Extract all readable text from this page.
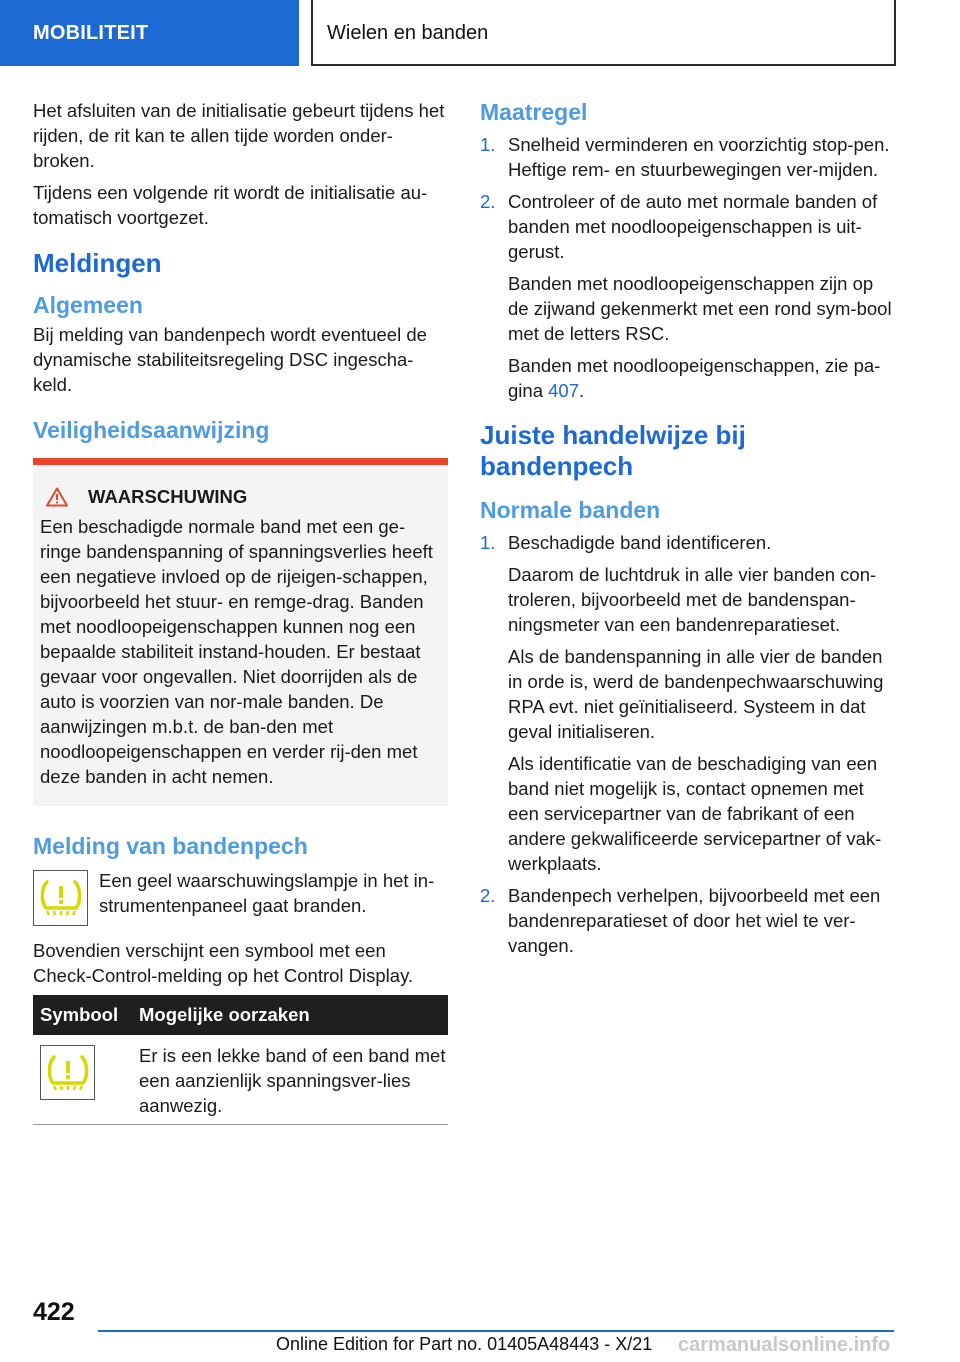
MOBILITEIT	Wielen en banden

Het afsluiten van de initialisatie gebeurt tijdens het rijden, de rit kan te allen tijde worden onder-broken.

Tijdens een volgende rit wordt de initialisatie au-tomatisch voortgezet.

Meldingen
Algemeen

Bij melding van bandenpech wordt eventueel de dynamische stabiliteitsregeling DSC ingescha-keld.

Veiligheidsaanwijzing
WAARSCHUWING

Een beschadigde normale band met een ge-ringe bandenspanning of spanningsverlies heeft een negatieve invloed op de rijeigen-schappen, bijvoorbeeld het stuur- en remge-drag. Banden met noodloopeigenschappen kunnen nog een bepaalde stabiliteit instand-houden. Er bestaat gevaar voor ongevallen. Niet doorrijden als de auto is voorzien van nor-male banden. De aanwijzingen m.b.t. de ban-den met noodloopeigenschappen en verder rij-den met deze banden in acht nemen.

Melding van bandenpech

Een geel waarschuwingslampje in het in-strumentenpaneel gaat branden.

Bovendien verschijnt een symbool met een Check-Control-melding op het Control Display.

Symbool	Mogelijke oorzaken

	Er is een lekke band of een band met een aanzienlijk spanningsver-lies aanwezig.
Maatregel
1. Snelheid verminderen en voorzichtig stop-pen. Heftige rem- en stuurbewegingen ver-mijden.

2. Controleer of de auto met normale banden of banden met noodloopeigenschappen is uit-gerust.

Banden met noodloopeigenschappen zijn op de zijwand gekenmerkt met een rond sym-bool met de letters RSC.

Banden met noodloopeigenschappen, zie pa-gina 407.

Juiste handelwijze bij bandenpech
Normale banden
1. Beschadigde band identificeren.

Daarom de luchtdruk in alle vier banden con-troleren, bijvoorbeeld met de bandenspan-ningsmeter van een bandenreparatieset.

Als de bandenspanning in alle vier de banden in orde is, werd de bandenpechwaarschuwing RPA evt. niet geïnitialiseerd. Systeem in dat geval initialiseren.

Als identificatie van de beschadiging van een band niet mogelijk is, contact opnemen met een servicepartner van de fabrikant of een andere gekwalificeerde servicepartner of vak-werkplaats.

2. Bandenpech verhelpen, bijvoorbeeld met een bandenreparatieset of door het wiel te ver-vangen.

422
Online Edition for Part no. 01405A48443 - X/21 carmanualsonline.info
